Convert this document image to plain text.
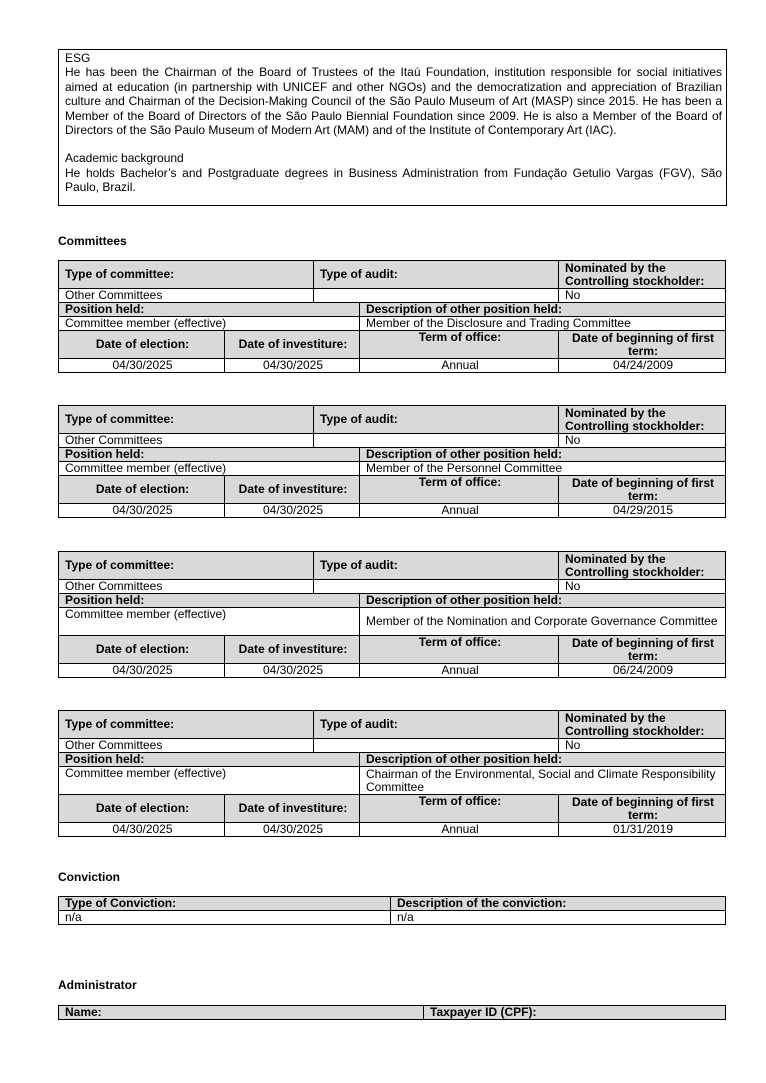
ESG

He has been the Chairman of the Board of Trustees of the Itaú Foundation, institution responsible for social initiatives aimed at education (in partnership with UNICEF and other NGOs) and the democratization and appreciation of Brazilian culture and Chairman of the Decision-Making Council of the São Paulo Museum of Art (MASP) since 2015. He has been a Member of the Board of Directors of the São Paulo Biennial Foundation since 2009. He is also a Member of the Board of Directors of the São Paulo Museum of Modern Art (MAM) and of the Institute of Contemporary Art (IAC).

Academic background

He holds Bachelor’s and Postgraduate degrees in Business Administration from Fundação Getulio Vargas (FGV), São Paulo, Brazil.

Committees
Type of committee:		Type of audit:		Nominated by the Controlling stockholder:
Other Committees				No
Position held:			Description of other position held:	
Committee member (effective)			Member of the Disclosure and Trading Committee	
Date of election:	Date of investiture:		Term of office:	Date of beginning of first term:
04/30/2025	04/30/2025		Annual	04/24/2009
Type of committee:		Type of audit:		Nominated by the Controlling stockholder:
Other Committees				No
Position held:			Description of other position held:	
Committee member (effective)			Member of the Personnel Committee	
Date of election:	Date of investiture:		Term of office:	Date of beginning of first term:
04/30/2025	04/30/2025		Annual	04/29/2015
Type of committee:		Type of audit:		Nominated by the Controlling stockholder:
Other Committees				No
Position held:			Description of other position held:	
Committee member (effective)			Member of the Nomination and Corporate Governance Committee	
Date of election:	Date of investiture:		Term of office:	Date of beginning of first term:
04/30/2025	04/30/2025		Annual	06/24/2009
Type of committee:		Type of audit:		Nominated by the Controlling stockholder:
Other Committees				No
Position held:			Description of other position held:	
Committee member (effective)			Chairman of the Environmental, Social and Climate Responsibility Committee	
Date of election:	Date of investiture:		Term of office:	Date of beginning of first term:
04/30/2025	04/30/2025		Annual	01/31/2019
Conviction
Type of Conviction:	Description of the conviction:
n/a	n/a
Administrator
Name:	Taxpayer ID (CPF):
